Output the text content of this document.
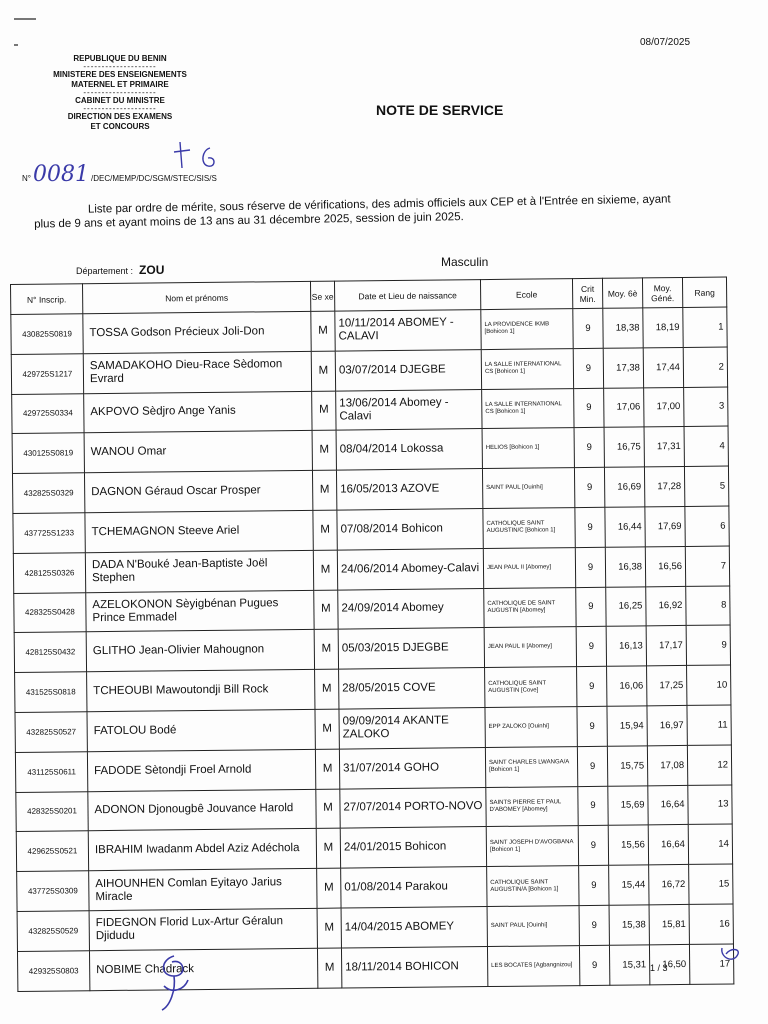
08/07/2025
REPUBLIQUE DU BENIN
--------------------
MINISTERE DES ENSEIGNEMENTS
MATERNEL ET PRIMAIRE
--------------------
CABINET DU MINISTRE
--------------------
DIRECTION DES EXAMENS
ET CONCOURS
N° 0081 /DEC/MEMP/DC/SGM/STEC/SIS/S
NOTE DE SERVICE

Liste par ordre de mérite, sous réserve de vérifications, des admis officiels aux CEP et à l'Entrée en sixieme, ayant plus de 9 ans et ayant moins de 13 ans au 31 décembre 2025, session de juin 2025.

Département : ZOU
Masculin
N° Inscrip.	Nom et prénoms	Se xe	Date et Lieu de naissance	Ecole	Crit Min.	Moy. 6è	Moy. Géné.	Rang
430825S0819	TOSSA Godson Précieux Joli-Don	M	10/11/2014 ABOMEY - CALAVI	LA PROVIDENCE IKMB [Bohicon 1]	9	18,38	18,19	1
429725S1217	SAMADAKOHO Dieu-Race Sèdomon Evrard	M	03/07/2014 DJEGBE	LA SALLE INTERNATIONAL CS [Bohicon 1]	9	17,38	17,44	2
429725S0334	AKPOVO Sèdjro Ange Yanis	M	13/06/2014 Abomey - Calavi	LA SALLE INTERNATIONAL CS [Bohicon 1]	9	17,06	17,00	3
430125S0819	WANOU Omar	M	08/04/2014 Lokossa	HELIOS [Bohicon 1]	9	16,75	17,31	4
432825S0329	DAGNON Géraud Oscar Prosper	M	16/05/2013 AZOVE	SAINT PAUL [Ouinhi]	9	16,69	17,28	5
437725S1233	TCHEMAGNON Steeve Ariel	M	07/08/2014 Bohicon	CATHOLIQUE SAINT AUGUSTIN/C [Bohicon 1]	9	16,44	17,69	6
428125S0326	DADA N'Bouké Jean-Baptiste Joël Stephen	M	24/06/2014 Abomey-Calavi	JEAN PAUL II [Abomey]	9	16,38	16,56	7
428325S0428	AZELOKONON Sèyigbénan Pugues Prince Emmadel	M	24/09/2014 Abomey	CATHOLIQUE DE SAINT AUGUSTIN [Abomey]	9	16,25	16,92	8
428125S0432	GLITHO Jean-Olivier Mahougnon	M	05/03/2015 DJEGBE	JEAN PAUL II [Abomey]	9	16,13	17,17	9
431525S0818	TCHEOUBI Mawoutondji Bill Rock	M	28/05/2015 COVE	CATHOLIQUE SAINT AUGUSTIN [Cove]	9	16,06	17,25	10
432825S0527	FATOLOU Bodé	M	09/09/2014 AKANTE ZALOKO	EPP ZALOKO [Ouinhi]	9	15,94	16,97	11
431125S0611	FADODE Sètondji Froel Arnold	M	31/07/2014 GOHO	SAINT CHARLES LWANGA/A [Bohicon 1]	9	15,75	17,08	12
428325S0201	ADONON Djonougbê Jouvance Harold	M	27/07/2014 PORTO-NOVO	SAINTS PIERRE ET PAUL D'ABOMEY [Abomey]	9	15,69	16,64	13
429625S0521	IBRAHIM Iwadanm Abdel Aziz Adéchola	M	24/01/2015 Bohicon	SAINT JOSEPH D'AVOGBANA [Bohicon 1]	9	15,56	16,64	14
437725S0309	AIHOUNHEN Comlan Eyitayo Jarius Miracle	M	01/08/2014 Parakou	CATHOLIQUE SAINT AUGUSTIN/A [Bohicon 1]	9	15,44	16,72	15
432825S0529	FIDEGNON Florid Lux-Artur Géralun Djidudu	M	14/04/2015 ABOMEY	SAINT PAUL [Ouinhi]	9	15,38	15,81	16
429325S0803	NOBIME Chadrack	M	18/11/2014 BOHICON	LES BOCATES [Agbangnizou]	9	15,31	16,50	17
1 / 3
